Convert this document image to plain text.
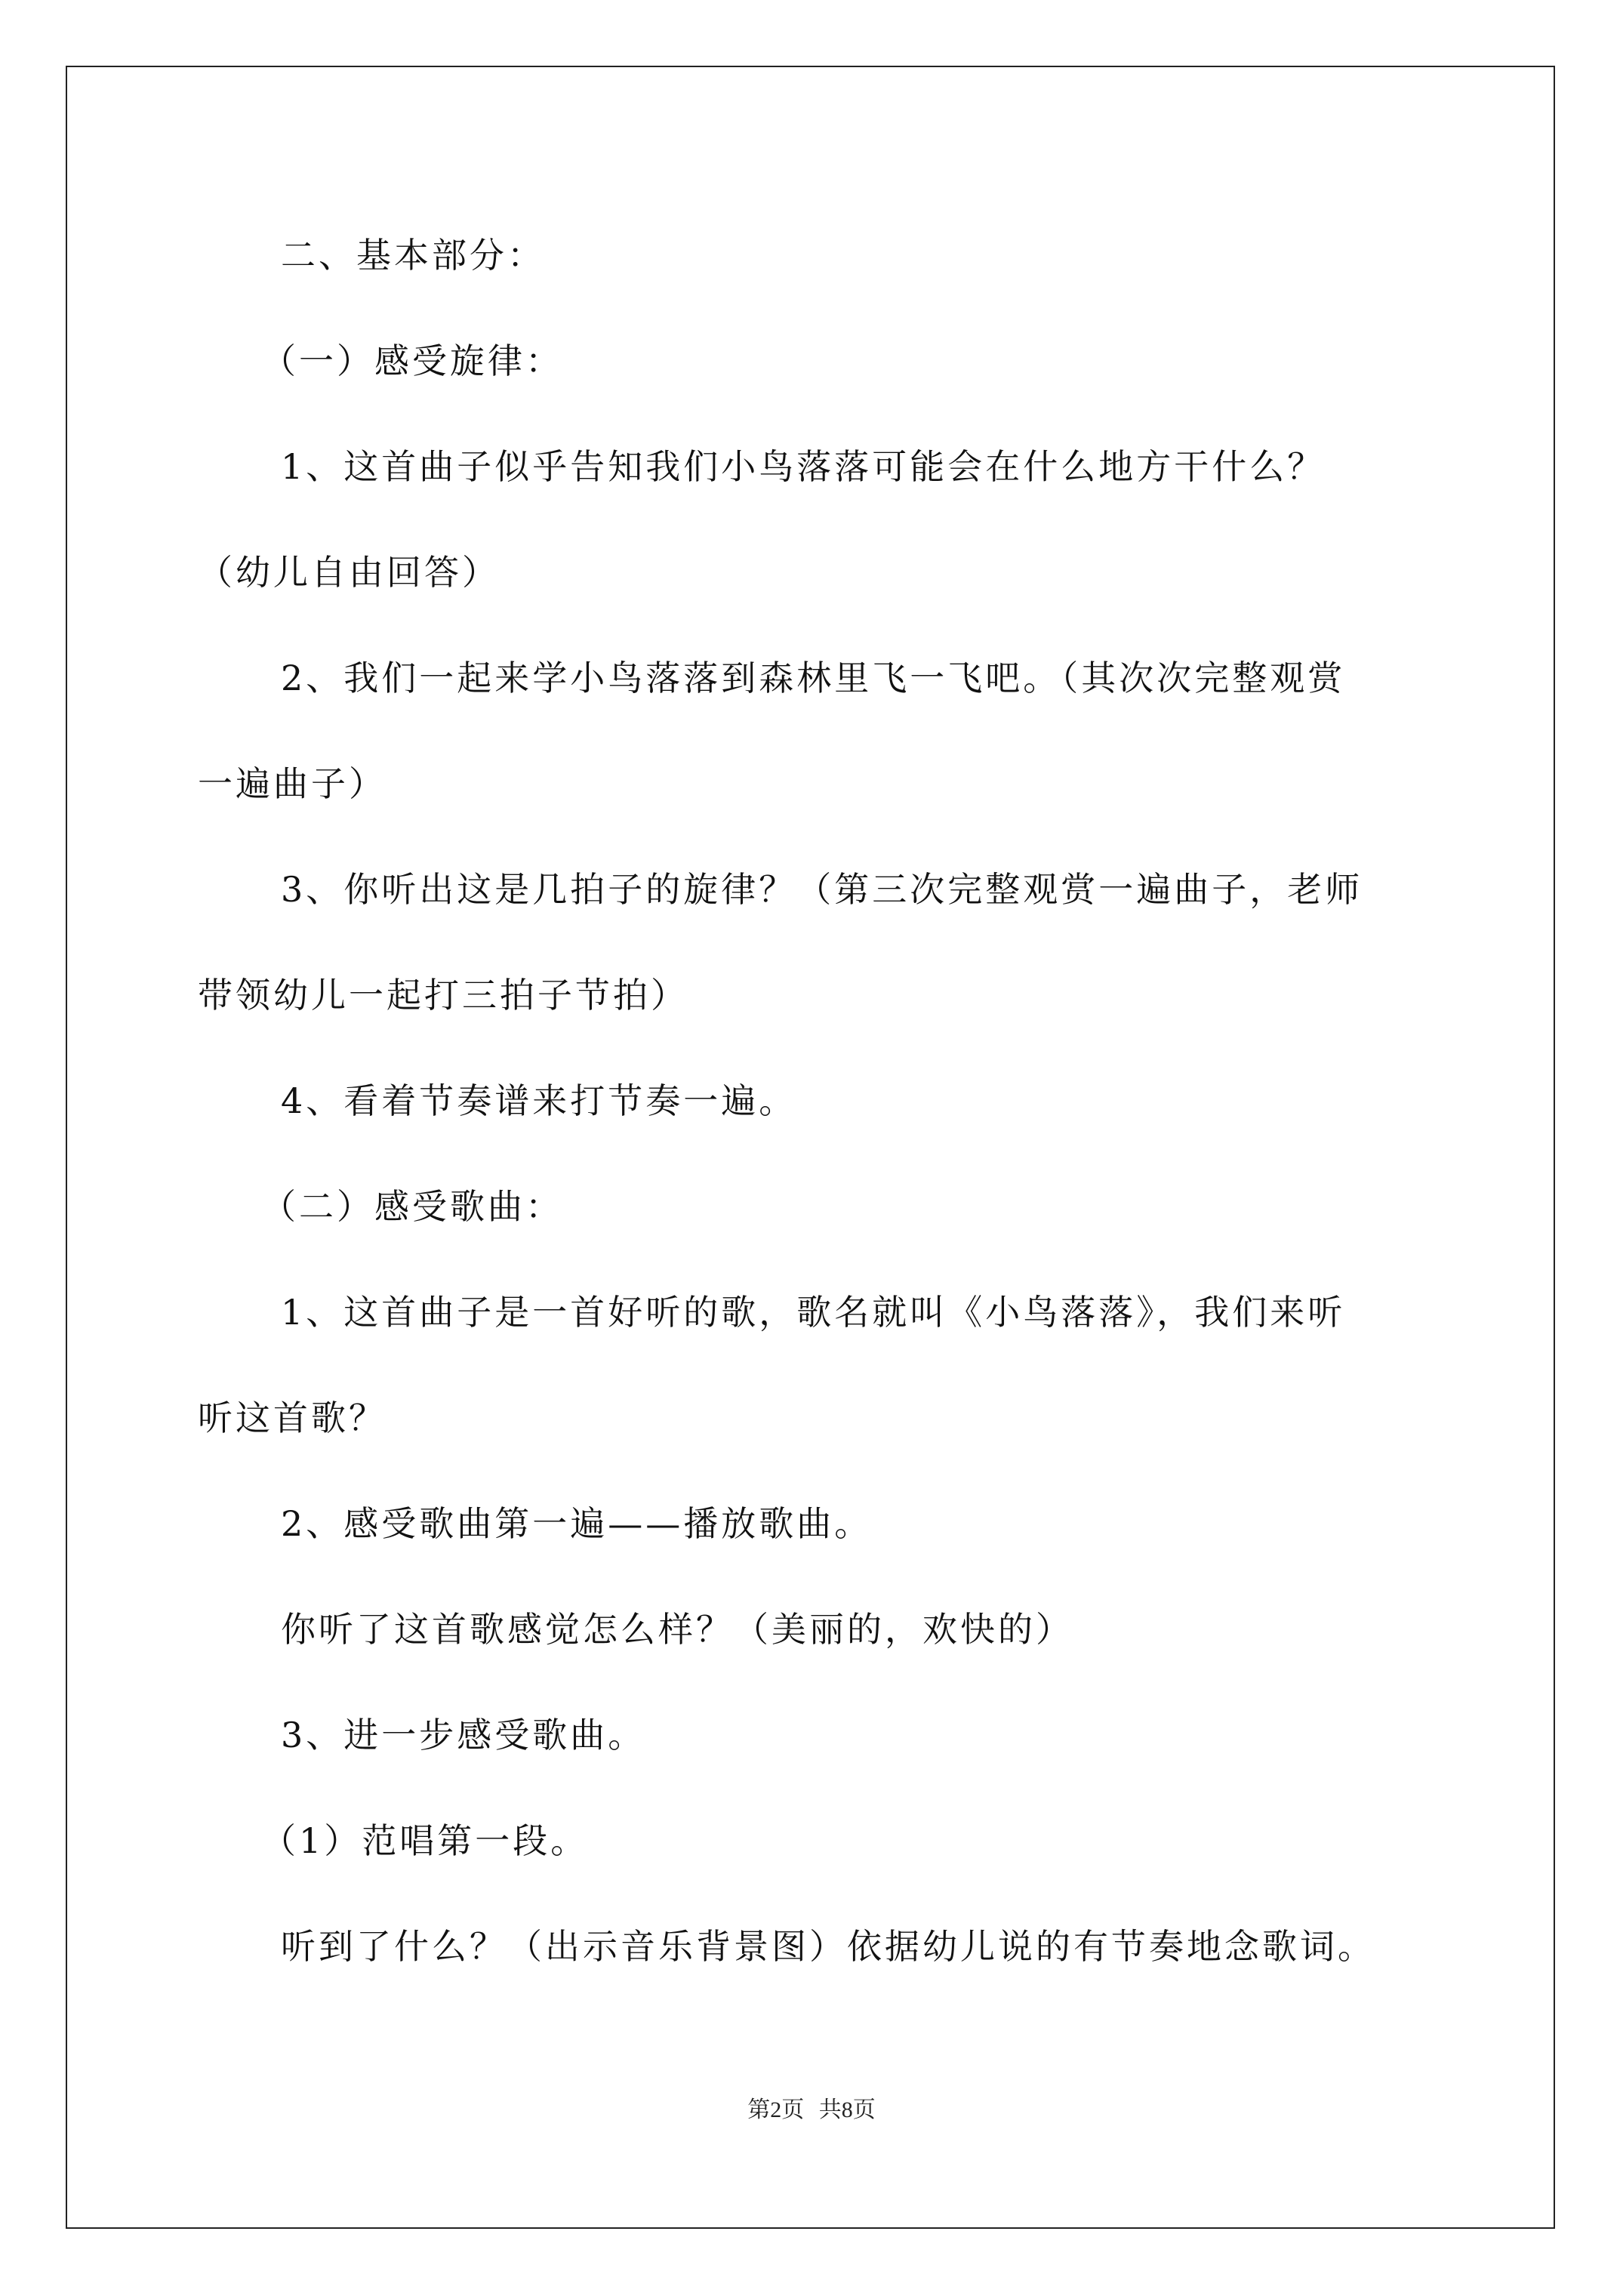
二、基本部分：
（一）感受旋律：
1、这首曲子似乎告知我们小鸟落落可能会在什么地方干什么？
（幼儿自由回答）
2、我们一起来学小鸟落落到森林里飞一飞吧。（其次次完整观赏
一遍曲子）
3、你听出这是几拍子的旋律？（第三次完整观赏一遍曲子，老师
带领幼儿一起打三拍子节拍）
4、看着节奏谱来打节奏一遍。
（二）感受歌曲：
1、这首曲子是一首好听的歌，歌名就叫《小鸟落落》，我们来听
听这首歌？
2、感受歌曲第一遍——播放歌曲。
你听了这首歌感觉怎么样？（美丽的，欢快的）
3、进一步感受歌曲。
（1）范唱第一段。
听到了什么？（出示音乐背景图）依据幼儿说的有节奏地念歌词。
第2页 共8页
